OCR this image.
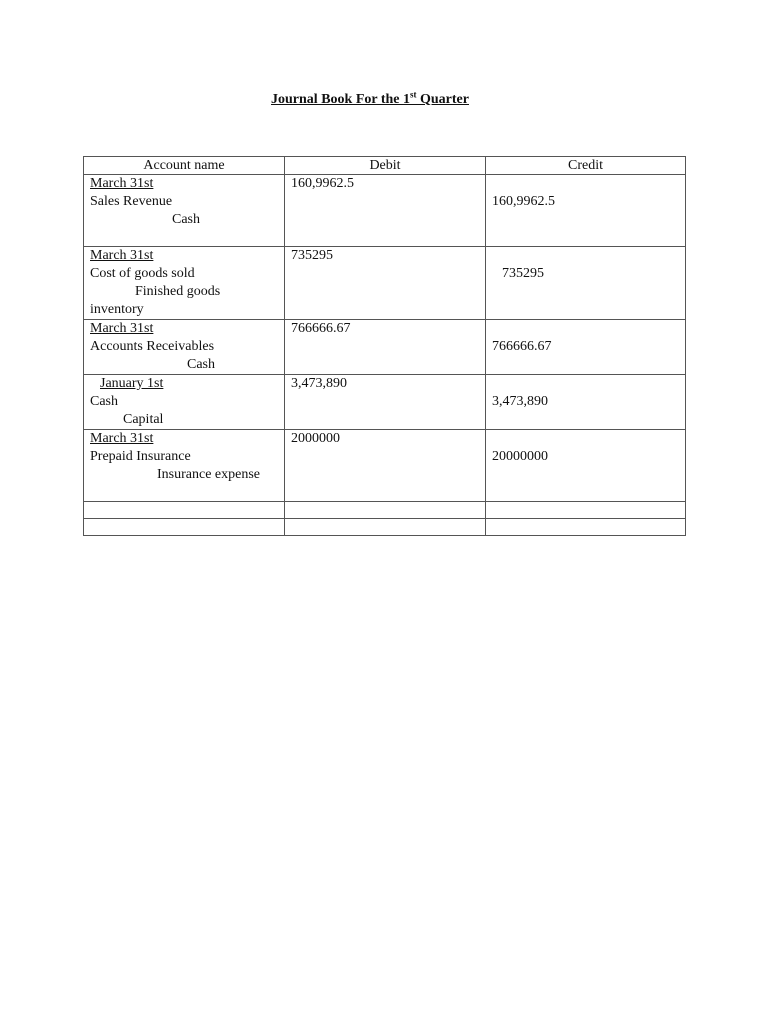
Journal Book For the 1st Quarter
Account name	Debit	Credit

March 31st
Sales Revenue
Cash	160,9962.5	160,9962.5

March 31st
Cost of goods sold
Finished goods
inventory	735295	735295

March 31st
Accounts Receivables
Cash	766666.67	766666.67

January 1st
Cash
Capital	3,473,890	3,473,890

March 31st
Prepaid Insurance
Insurance expense	2000000	20000000
